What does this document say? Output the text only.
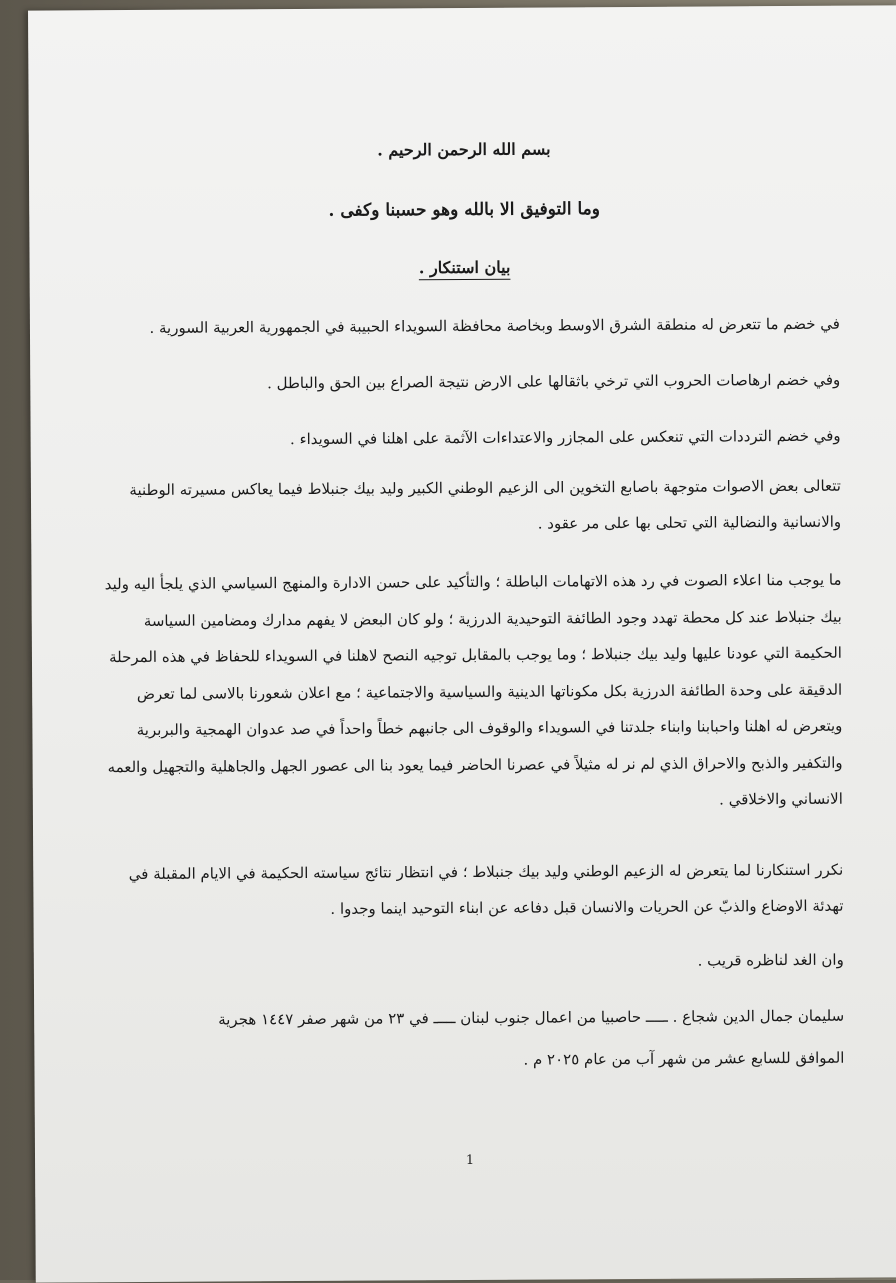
بسم الله الرحمن الرحيم .
وما التوفيق الا بالله وهو حسبنا وكفى .
بيان استنكار .

في خضم ما تتعرض له منطقة الشرق الاوسط وبخاصة محافظة السويداء الحبيبة في الجمهورية العربية السورية .

وفي خضم ارهاصات الحروب التي ترخي باثقالها على الارض نتيجة الصراع بين الحق والباطل .

وفي خضم الترددات التي تنعكس على المجازر والاعتداءات الآثمة على اهلنا في السويداء .

تتعالى بعض الاصوات متوجهة باصابع التخوين الى الزعيم الوطني الكبير وليد بيك جنبلاط فيما يعاكس مسيرته الوطنية والانسانية والنضالية التي تحلى بها على مر عقود .

ما يوجب منا اعلاء الصوت في رد هذه الاتهامات الباطلة ؛ والتأكيد على حسن الادارة والمنهج السياسي الذي يلجأ اليه وليد بيك جنبلاط عند كل محطة تهدد وجود الطائفة التوحيدية الدرزية ؛ ولو كان البعض لا يفهم مدارك ومضامين السياسة الحكيمة التي عودنا عليها وليد بيك جنبلاط ؛ وما يوجب بالمقابل توجيه النصح لاهلنا في السويداء للحفاظ في هذه المرحلة الدقيقة على وحدة الطائفة الدرزية بكل مكوناتها الدينية والسياسية والاجتماعية ؛ مع اعلان شعورنا بالاسى لما تعرض ويتعرض له اهلنا واحبابنا وابناء جلدتنا في السويداء والوقوف الى جانبهم خطاً واحداً في صد عدوان الهمجية والبربرية والتكفير والذبح والاحراق الذي لم نر له مثيلاً في عصرنا الحاضر فيما يعود بنا الى عصور الجهل والجاهلية والتجهيل والعمه الانساني والاخلاقي .

نكرر استنكارنا لما يتعرض له الزعيم الوطني وليد بيك جنبلاط ؛ في انتظار نتائج سياسته الحكيمة في الايام المقبلة في تهدئة الاوضاع والذبّ عن الحريات والانسان قبل دفاعه عن ابناء التوحيد اينما وجدوا .

وان الغد لناظره قريب .

سليمان جمال الدين شجاع . ـــــ حاصبيا من اعمال جنوب لبنان ـــــ في ٢٣ من شهر صفر ١٤٤٧ هجرية
الموافق للسابع عشر من شهر آب من عام ٢٠٢٥ م .
1
